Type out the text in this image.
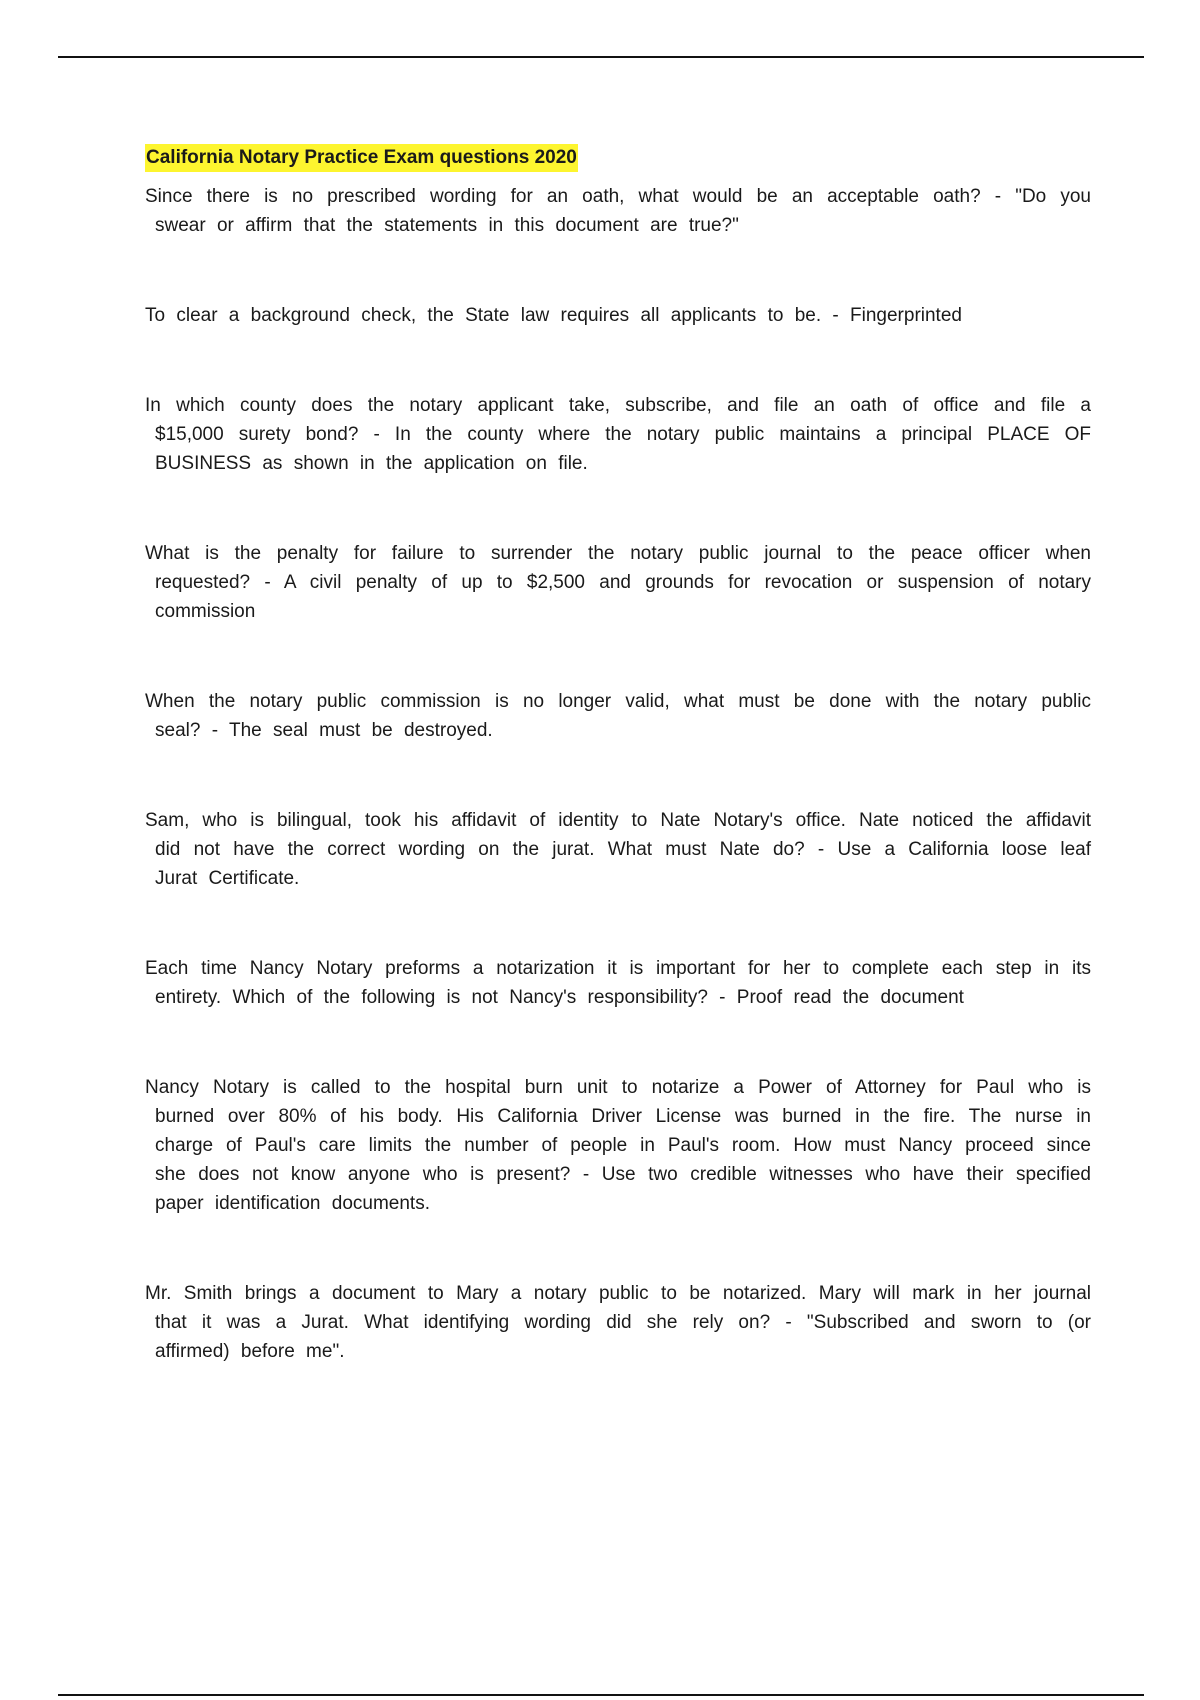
California Notary Practice Exam questions 2020

Since there is no prescribed wording for an oath, what would be an acceptable oath? - "Do you swear or affirm that the statements in this document are true?"

To clear a background check, the State law requires all applicants to be. - Fingerprinted

In which county does the notary applicant take, subscribe, and file an oath of office and file a $15,000 surety bond? - In the county where the notary public maintains a principal PLACE OF BUSINESS as shown in the application on file.

What is the penalty for failure to surrender the notary public journal to the peace officer when requested? - A civil penalty of up to $2,500 and grounds for revocation or suspension of notary commission

When the notary public commission is no longer valid, what must be done with the notary public seal? - The seal must be destroyed.

Sam, who is bilingual, took his affidavit of identity to Nate Notary's office. Nate noticed the affidavit did not have the correct wording on the jurat. What must Nate do? - Use a California loose leaf Jurat Certificate.

Each time Nancy Notary preforms a notarization it is important for her to complete each step in its entirety. Which of the following is not Nancy's responsibility? - Proof read the document

Nancy Notary is called to the hospital burn unit to notarize a Power of Attorney for Paul who is burned over 80% of his body. His California Driver License was burned in the fire. The nurse in charge of Paul's care limits the number of people in Paul's room. How must Nancy proceed since she does not know anyone who is present? - Use two credible witnesses who have their specified paper identification documents.

Mr. Smith brings a document to Mary a notary public to be notarized. Mary will mark in her journal that it was a Jurat. What identifying wording did she rely on? - "Subscribed and sworn to (or affirmed) before me".
